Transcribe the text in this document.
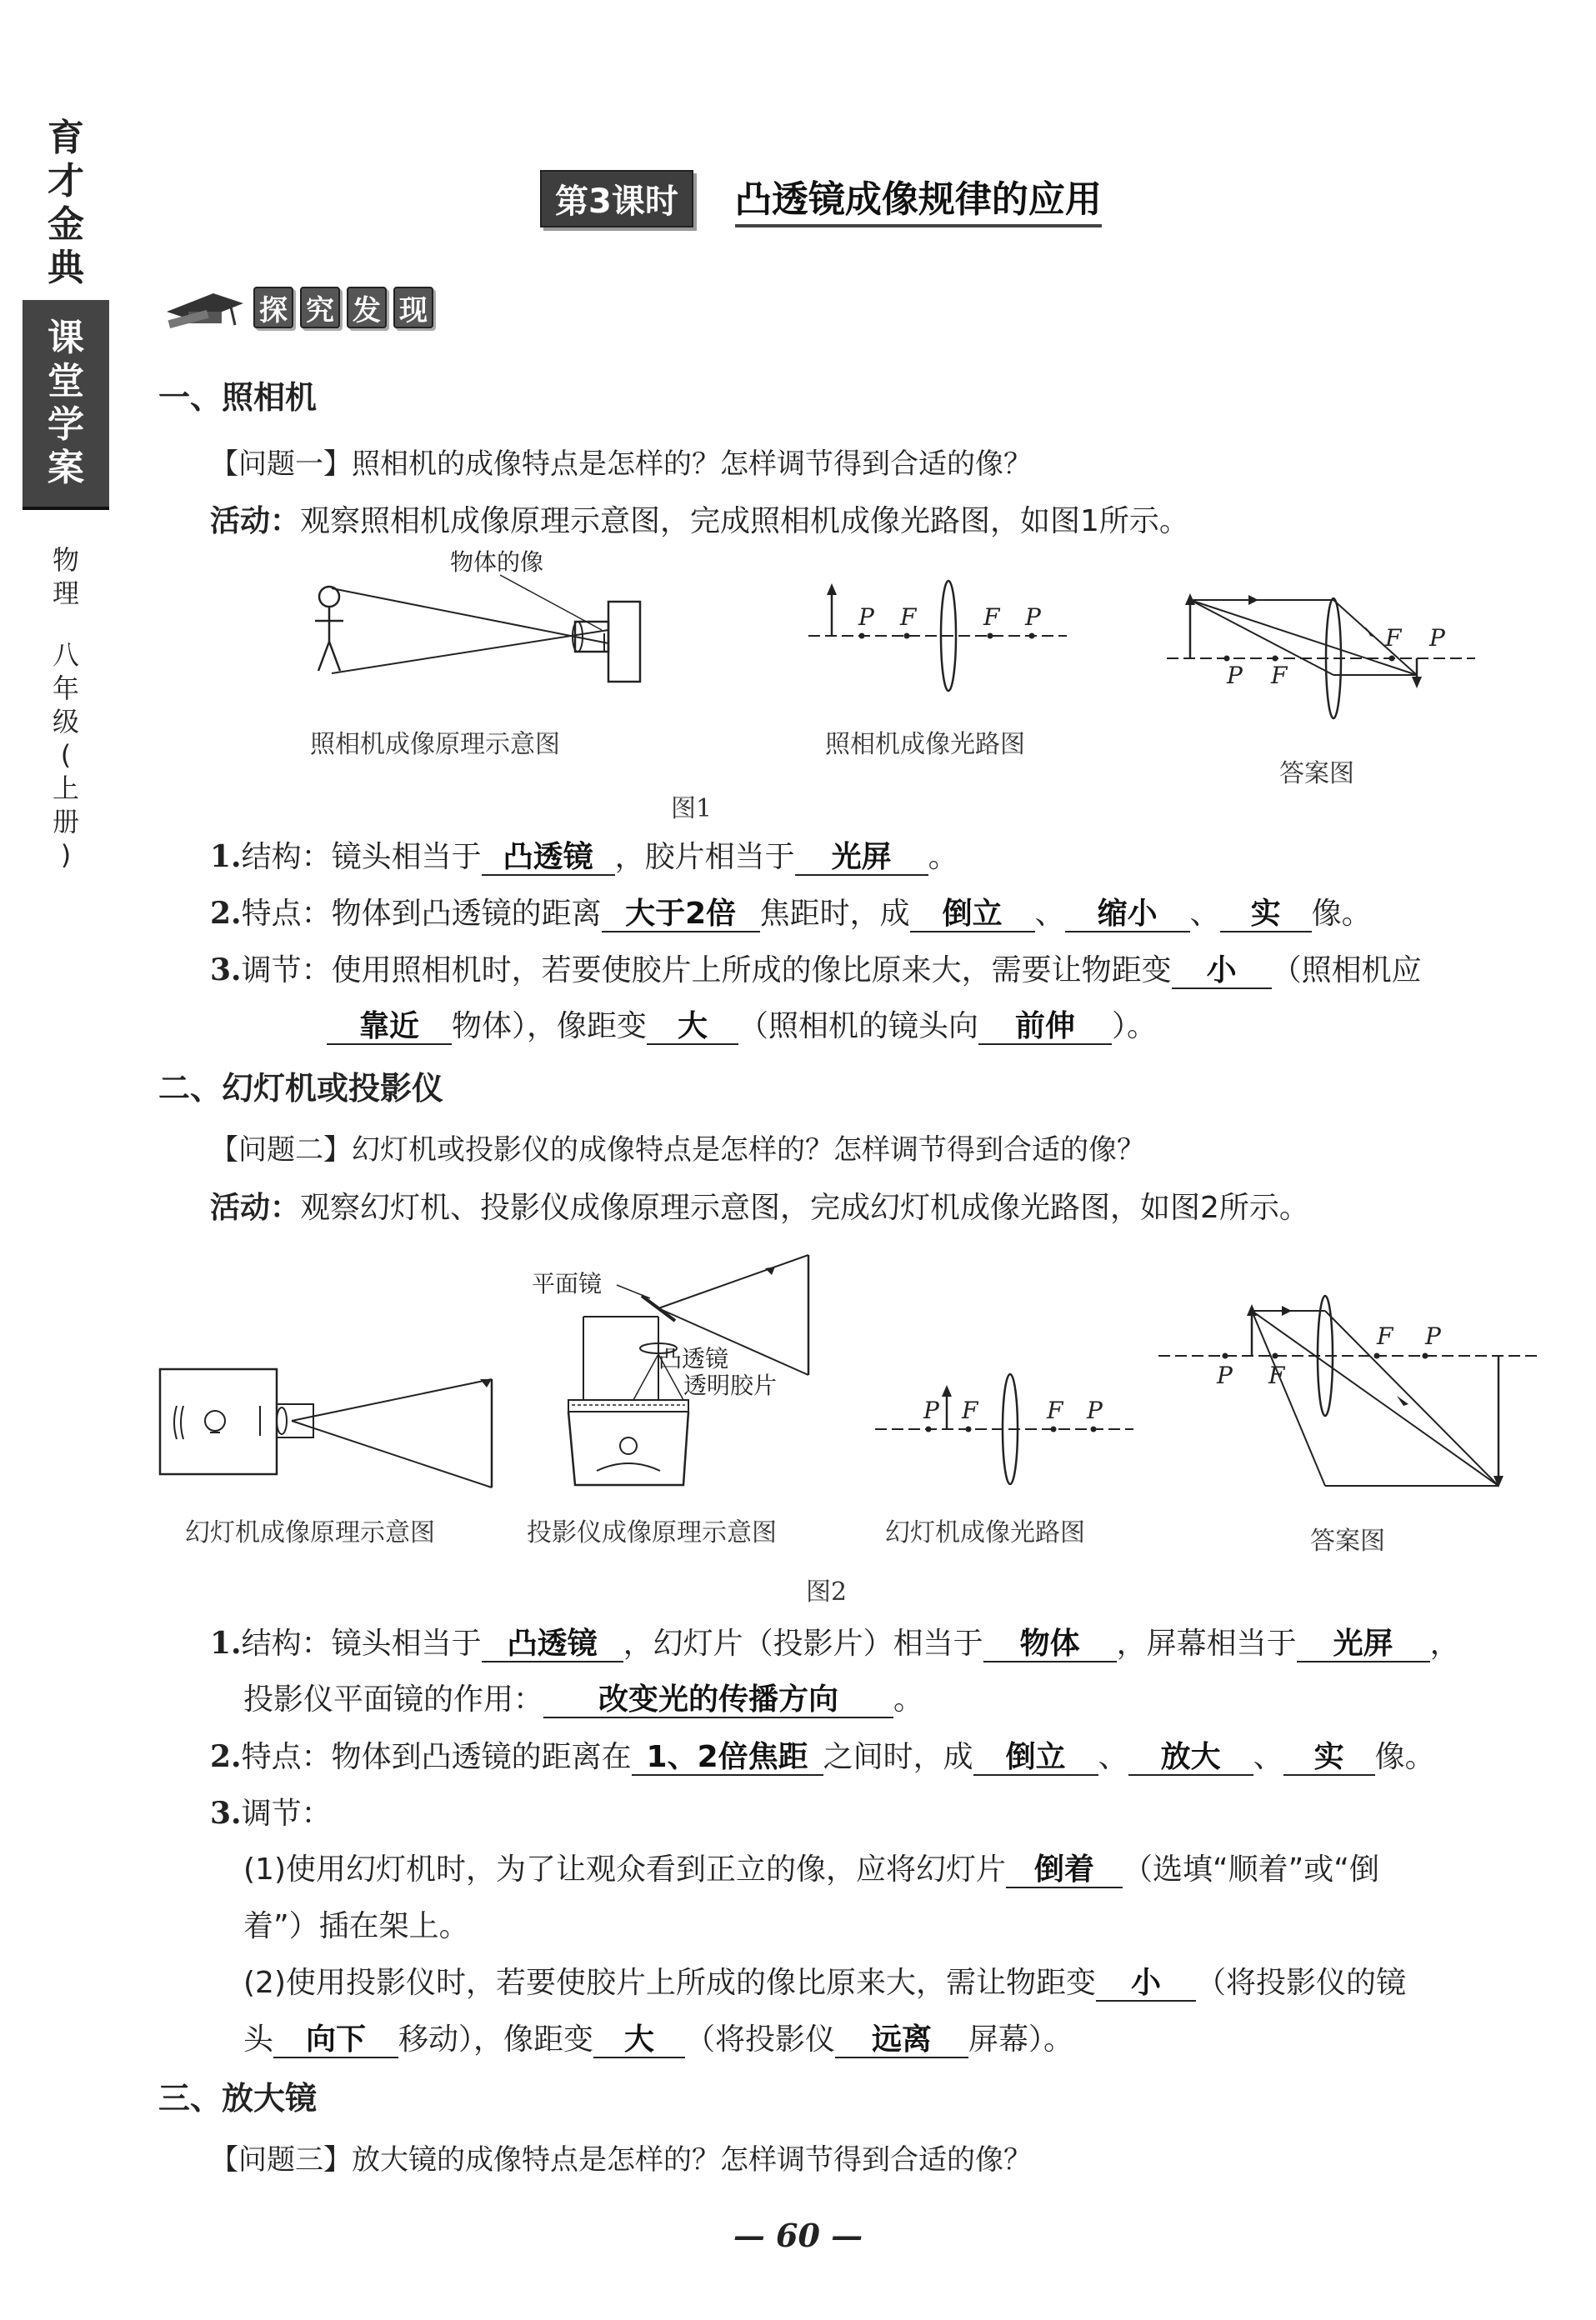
育
才
金
典
课
堂
学
案
物
理
八
年
级
(
上
册
)
第3课时	凸透镜成像规律的应用
探 究 发 现
一、照相机
【问题一】照相机的成像特点是怎样的？怎样调节得到合适的像？
活动：观察照相机成像原理示意图，完成照相机成像光路图，如图1所示。
物体的像
照相机成像原理示意图
P F	F P
照相机成像光路图
P F
F P
答案图
图1
1.结构：镜头相当于 凸透镜 ，胶片相当于 光屏 。
2.特点：物体到凸透镜的距离 大于2倍 焦距时，成 倒立 、 缩小 、 实 像。
3.调节：使用照相机时，若要使胶片上所成的像比原来大，需要让物距变 小 （照相机应
靠近 物体），像距变 大 （照相机的镜头向 前伸 ）。
二、幻灯机或投影仪
【问题二】幻灯机或投影仪的成像特点是怎样的？怎样调节得到合适的像？
活动：观察幻灯机、投影仪成像原理示意图，完成幻灯机成像光路图，如图2所示。
幻灯机成像原理示意图
平面镜
凸透镜
透明胶片
投影仪成像原理示意图
P F	F P
幻灯机成像光路图
P F
F P
答案图
图2
1.结构：镜头相当于 凸透镜 ，幻灯片（投影片）相当于 物体 ，屏幕相当于 光屏 ，
投影仪平面镜的作用： 改变光的传播方向 。
2.特点：物体到凸透镜的距离在 1、2倍焦距 之间时，成 倒立 、 放大 、 实 像。
3.调节：
(1)使用幻灯机时，为了让观众看到正立的像，应将幻灯片 倒着 （选填“顺着”或“倒
着”）插在架上。
(2)使用投影仪时，若要使胶片上所成的像比原来大，需让物距变 小 （将投影仪的镜
头 向下 移动），像距变 大 （将投影仪 远离 屏幕）。
三、放大镜
【问题三】放大镜的成像特点是怎样的？怎样调节得到合适的像？
— 60 —
